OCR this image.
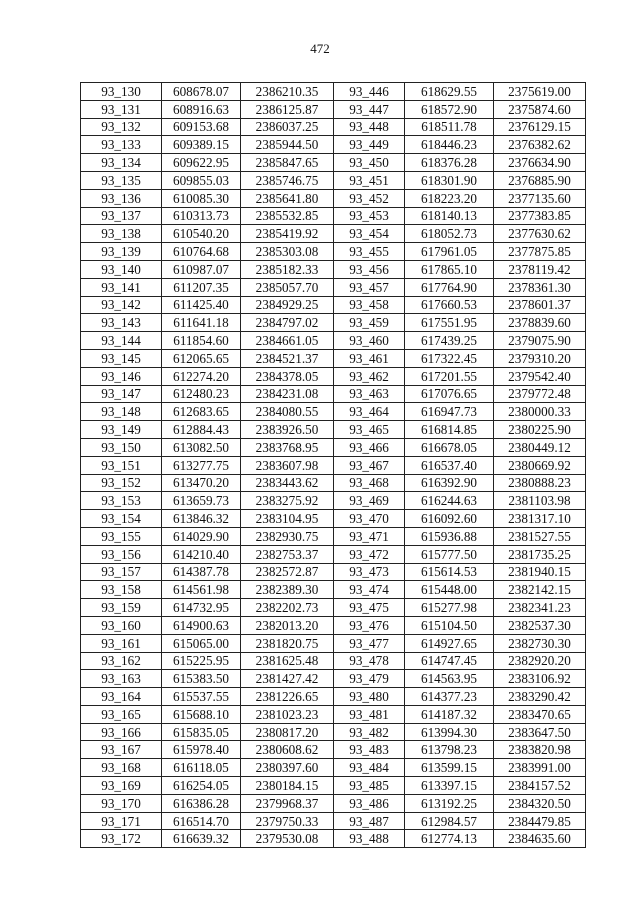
472
93_130	608678.07	2386210.35	93_446	618629.55	2375619.00
93_131	608916.63	2386125.87	93_447	618572.90	2375874.60
93_132	609153.68	2386037.25	93_448	618511.78	2376129.15
93_133	609389.15	2385944.50	93_449	618446.23	2376382.62
93_134	609622.95	2385847.65	93_450	618376.28	2376634.90
93_135	609855.03	2385746.75	93_451	618301.90	2376885.90
93_136	610085.30	2385641.80	93_452	618223.20	2377135.60
93_137	610313.73	2385532.85	93_453	618140.13	2377383.85
93_138	610540.20	2385419.92	93_454	618052.73	2377630.62
93_139	610764.68	2385303.08	93_455	617961.05	2377875.85
93_140	610987.07	2385182.33	93_456	617865.10	2378119.42
93_141	611207.35	2385057.70	93_457	617764.90	2378361.30
93_142	611425.40	2384929.25	93_458	617660.53	2378601.37
93_143	611641.18	2384797.02	93_459	617551.95	2378839.60
93_144	611854.60	2384661.05	93_460	617439.25	2379075.90
93_145	612065.65	2384521.37	93_461	617322.45	2379310.20
93_146	612274.20	2384378.05	93_462	617201.55	2379542.40
93_147	612480.23	2384231.08	93_463	617076.65	2379772.48
93_148	612683.65	2384080.55	93_464	616947.73	2380000.33
93_149	612884.43	2383926.50	93_465	616814.85	2380225.90
93_150	613082.50	2383768.95	93_466	616678.05	2380449.12
93_151	613277.75	2383607.98	93_467	616537.40	2380669.92
93_152	613470.20	2383443.62	93_468	616392.90	2380888.23
93_153	613659.73	2383275.92	93_469	616244.63	2381103.98
93_154	613846.32	2383104.95	93_470	616092.60	2381317.10
93_155	614029.90	2382930.75	93_471	615936.88	2381527.55
93_156	614210.40	2382753.37	93_472	615777.50	2381735.25
93_157	614387.78	2382572.87	93_473	615614.53	2381940.15
93_158	614561.98	2382389.30	93_474	615448.00	2382142.15
93_159	614732.95	2382202.73	93_475	615277.98	2382341.23
93_160	614900.63	2382013.20	93_476	615104.50	2382537.30
93_161	615065.00	2381820.75	93_477	614927.65	2382730.30
93_162	615225.95	2381625.48	93_478	614747.45	2382920.20
93_163	615383.50	2381427.42	93_479	614563.95	2383106.92
93_164	615537.55	2381226.65	93_480	614377.23	2383290.42
93_165	615688.10	2381023.23	93_481	614187.32	2383470.65
93_166	615835.05	2380817.20	93_482	613994.30	2383647.50
93_167	615978.40	2380608.62	93_483	613798.23	2383820.98
93_168	616118.05	2380397.60	93_484	613599.15	2383991.00
93_169	616254.05	2380184.15	93_485	613397.15	2384157.52
93_170	616386.28	2379968.37	93_486	613192.25	2384320.50
93_171	616514.70	2379750.33	93_487	612984.57	2384479.85
93_172	616639.32	2379530.08	93_488	612774.13	2384635.60
